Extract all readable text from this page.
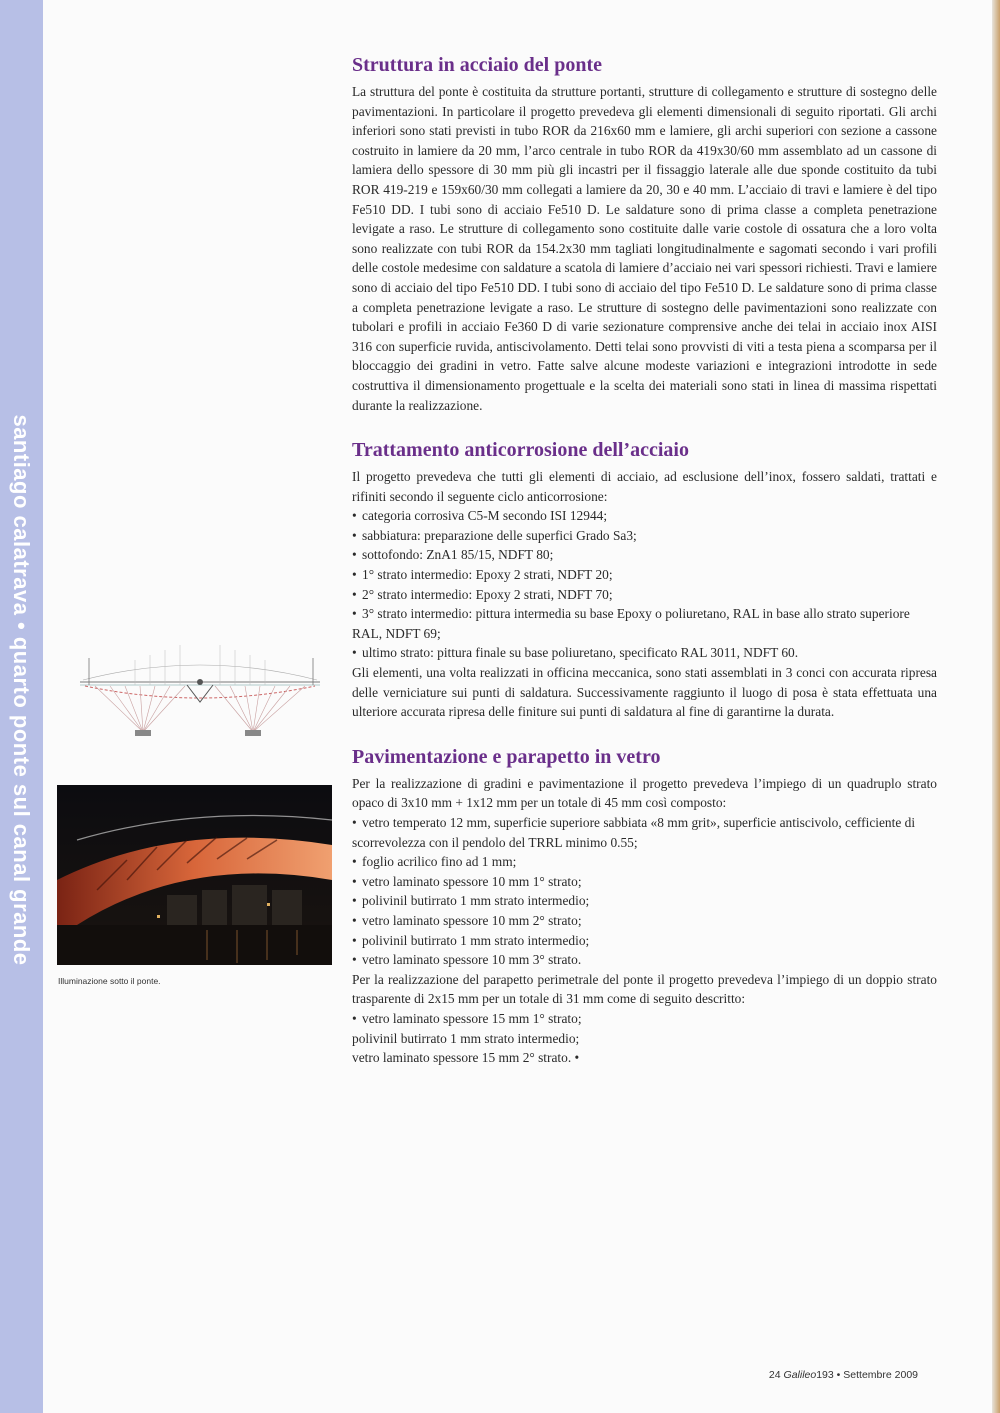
santiago calatrava • quarto ponte sul canal grande
Illuminazione sotto il ponte.
Struttura in acciaio del ponte

La struttura del ponte è costituita da strutture portanti, strutture di collegamento e strutture di sostegno delle pavimentazioni. In particolare il progetto prevedeva gli elementi dimensionali di seguito riportati. Gli archi inferiori sono stati previsti in tubo ROR da 216x60 mm e lamiere, gli archi superiori con sezione a cassone costruito in lamiere da 20 mm, l’arco centrale in tubo ROR da 419x30/60 mm assemblato ad un cassone di lamiera dello spessore di 30 mm più gli incastri per il fissaggio laterale alle due sponde costituito da tubi ROR 419-219 e 159x60/30 mm collegati a lamiere da 20, 30 e 40 mm. L’acciaio di travi e lamiere è del tipo Fe510 DD. I tubi sono di acciaio Fe510 D. Le saldature sono di prima classe a completa penetrazione levigate a raso. Le strutture di collegamento sono costituite dalle varie costole di ossatura che a loro volta sono realizzate con tubi ROR da 154.2x30 mm tagliati longitudinalmente e sagomati secondo i vari profili delle costole medesime con saldature a scatola di lamiere d’acciaio nei vari spessori richiesti. Travi e lamiere sono di acciaio del tipo Fe510 DD. I tubi sono di acciaio del tipo Fe510 D. Le saldature sono di prima classe a completa penetrazione levigate a raso. Le strutture di sostegno delle pavimentazioni sono realizzate con tubolari e profili in acciaio Fe360 D di varie sezionature comprensive anche dei telai in acciaio inox AISI 316 con superficie ruvida, antiscivolamento. Detti telai sono provvisti di viti a testa piena a scomparsa per il bloccaggio dei gradini in vetro. Fatte salve alcune modeste variazioni e integrazioni introdotte in sede costruttiva il dimensionamento progettuale e la scelta dei materiali sono stati in linea di massima rispettati durante la realizzazione.

Trattamento anticorrosione dell’acciaio

Il progetto prevedeva che tutti gli elementi di acciaio, ad esclusione dell’inox, fossero saldati, trattati e rifiniti secondo il seguente ciclo anticorrosione:

• categoria corrosiva C5-M secondo ISI 12944;
• sabbiatura: preparazione delle superfici Grado Sa3;
• sottofondo: ZnA1 85/15, NDFT 80;
• 1° strato intermedio: Epoxy 2 strati, NDFT 20;
• 2° strato intermedio: Epoxy 2 strati, NDFT 70;
• 3° strato intermedio: pittura intermedia su base Epoxy o poliuretano, RAL in base allo strato superiore RAL, NDFT 69;
• ultimo strato: pittura finale su base poliuretano, specificato RAL 3011, NDFT 60.

Gli elementi, una volta realizzati in officina meccanica, sono stati assemblati in 3 conci con accurata ripresa delle verniciature sui punti di saldatura. Successivamente raggiunto il luogo di posa è stata effettuata una ulteriore accurata ripresa delle finiture sui punti di saldatura al fine di garantirne la durata.

Pavimentazione e parapetto in vetro

Per la realizzazione di gradini e pavimentazione il progetto prevedeva l’impiego di un quadruplo strato opaco di 3x10 mm + 1x12 mm per un totale di 45 mm così composto:

• vetro temperato 12 mm, superficie superiore sabbiata «8 mm grit», superficie antiscivolo, cefficiente di scorrevolezza con il pendolo del TRRL minimo 0.55;
• foglio acrilico fino ad 1 mm;
• vetro laminato spessore 10 mm 1° strato;
• polivinil butirrato 1 mm strato intermedio;
• vetro laminato spessore 10 mm 2° strato;
• polivinil butirrato 1 mm strato intermedio;
• vetro laminato spessore 10 mm 3° strato.

Per la realizzazione del parapetto perimetrale del ponte il progetto prevedeva l’impiego di un doppio strato trasparente di 2x15 mm per un totale di 31 mm come di seguito descritto:

• vetro laminato spessore 15 mm 1° strato;

polivinil butirrato 1 mm strato intermedio;

vetro laminato spessore 15 mm 2° strato. •

24 Galileo193 • Settembre 2009
